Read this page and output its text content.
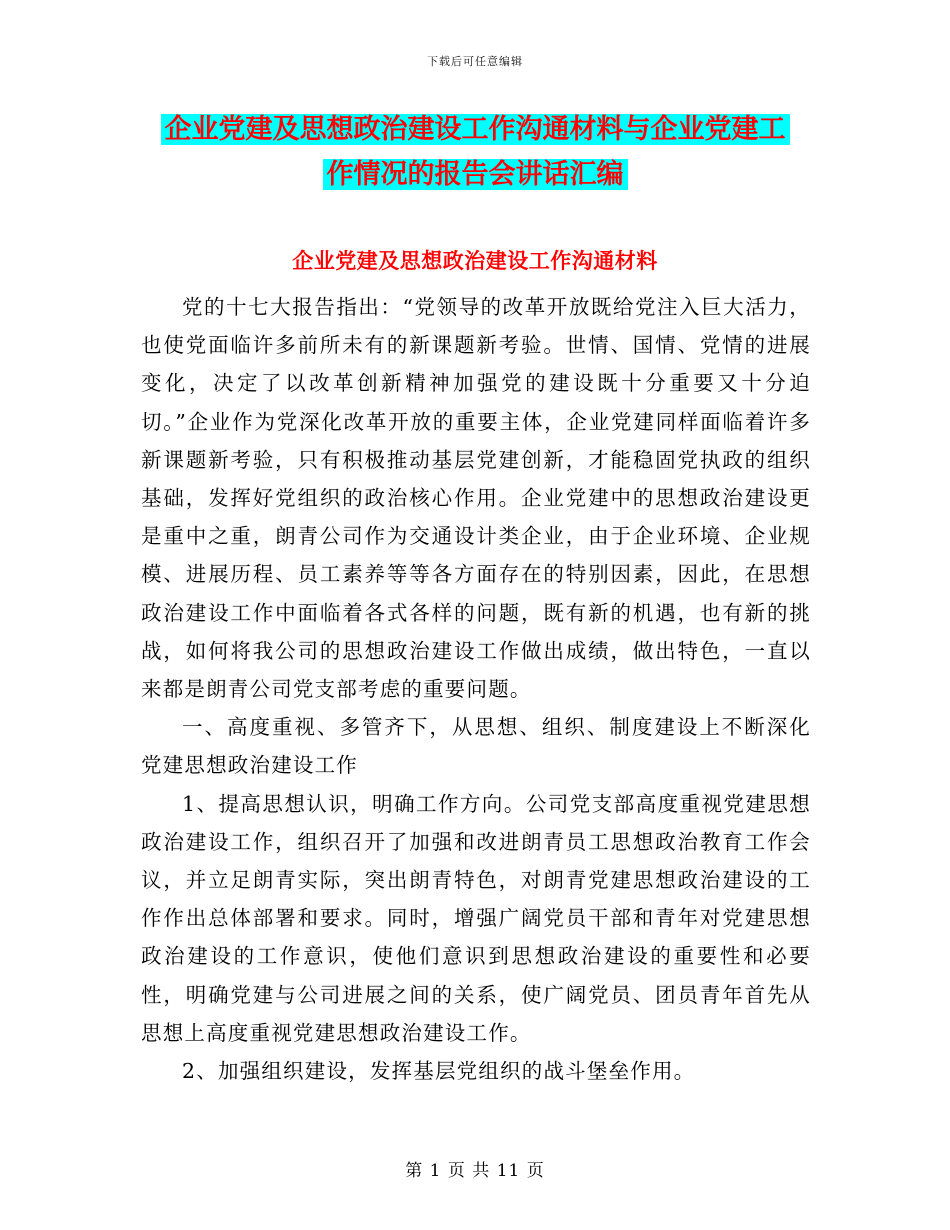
下载后可任意编辑
企业党建及思想政治建设工作沟通材料与企业党建工
作情况的报告会讲话汇编
企业党建及思想政治建设工作沟通材料

党的十七大报告指出：“党领导的改革开放既给党注入巨大活力，也使党面临许多前所未有的新课题新考验。世情、国情、党情的进展变化，决定了以改革创新精神加强党的建设既十分重要又十分迫切。”企业作为党深化改革开放的重要主体，企业党建同样面临着许多新课题新考验，只有积极推动基层党建创新，才能稳固党执政的组织基础，发挥好党组织的政治核心作用。企业党建中的思想政治建设更是重中之重，朗青公司作为交通设计类企业，由于企业环境、企业规模、进展历程、员工素养等等各方面存在的特别因素，因此，在思想政治建设工作中面临着各式各样的问题，既有新的机遇，也有新的挑战，如何将我公司的思想政治建设工作做出成绩，做出特色，一直以来都是朗青公司党支部考虑的重要问题。

一、高度重视、多管齐下，从思想、组织、制度建设上不断深化党建思想政治建设工作

1、提高思想认识，明确工作方向。公司党支部高度重视党建思想政治建设工作，组织召开了加强和改进朗青员工思想政治教育工作会议，并立足朗青实际，突出朗青特色，对朗青党建思想政治建设的工作作出总体部署和要求。同时，增强广阔党员干部和青年对党建思想政治建设的工作意识，使他们意识到思想政治建设的重要性和必要性，明确党建与公司进展之间的关系，使广阔党员、团员青年首先从思想上高度重视党建思想政治建设工作。

2、加强组织建设，发挥基层党组织的战斗堡垒作用。

第 1 页 共 11 页
